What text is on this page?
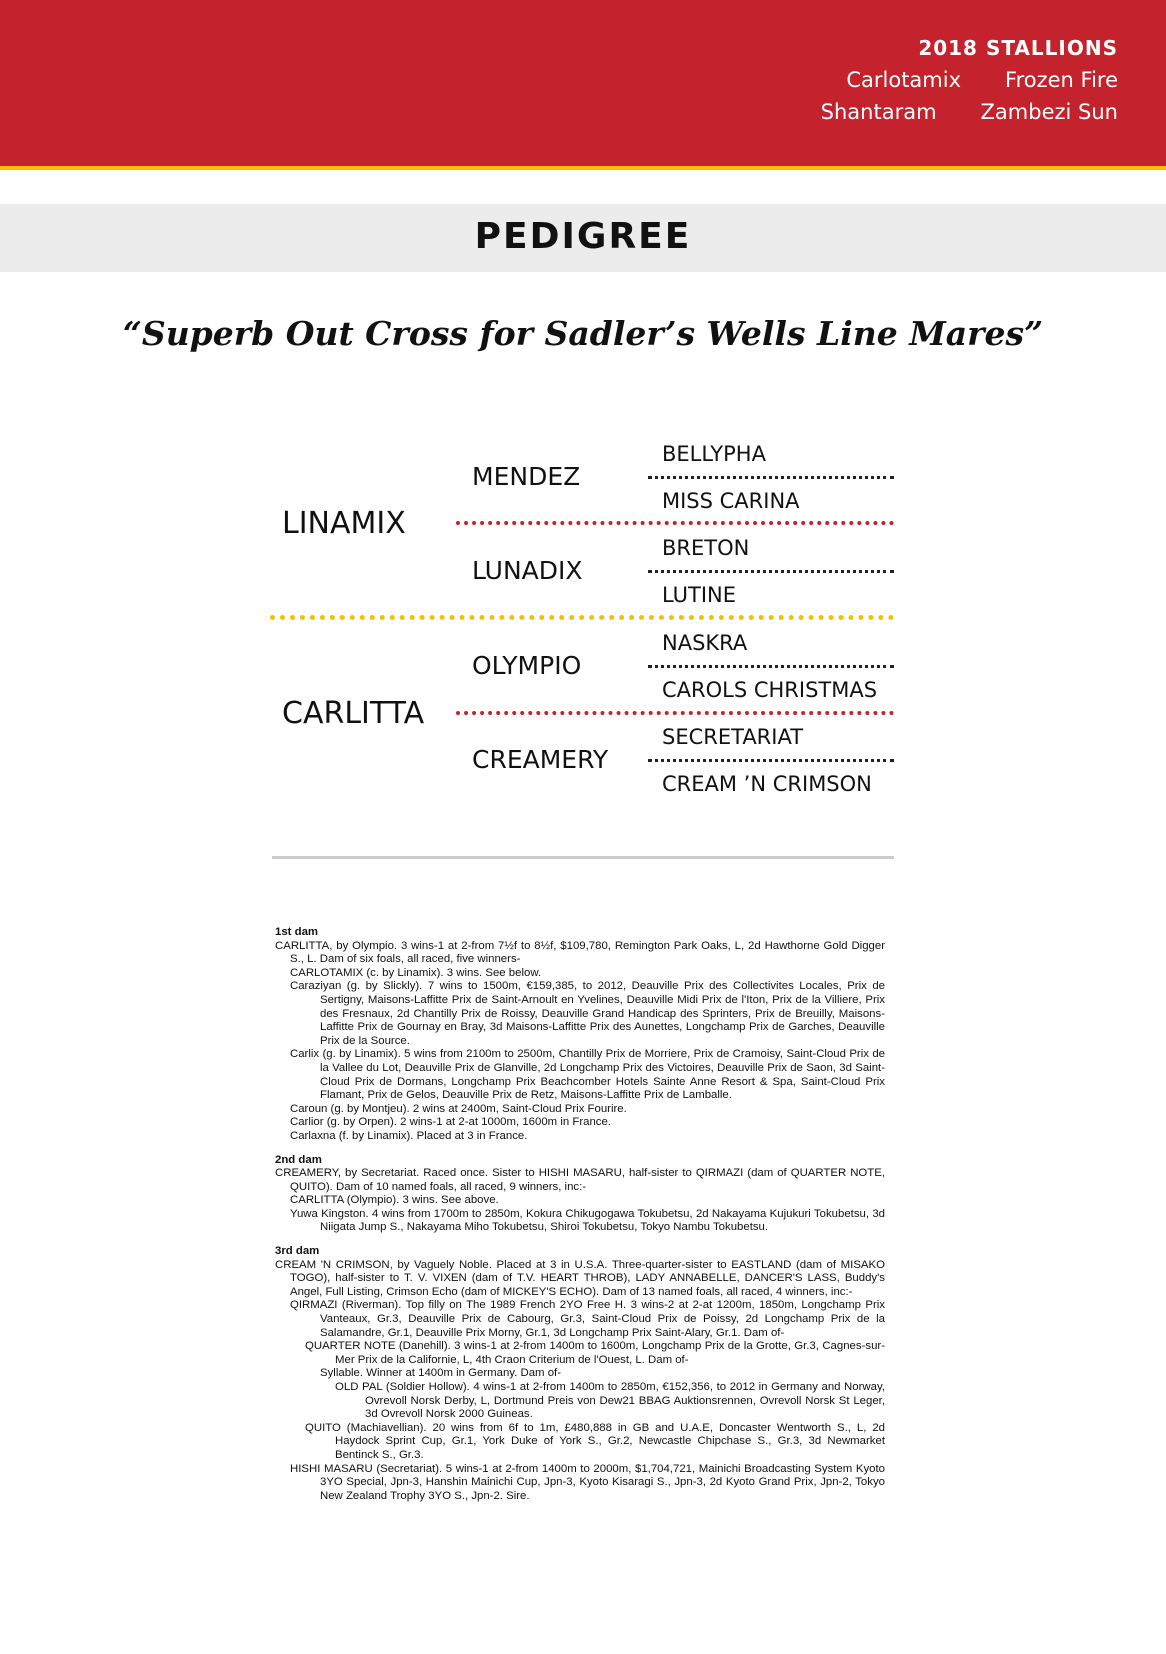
2018 STALLIONS
Carlotamix Frozen Fire
Shantaram Zambezi Sun
PEDIGREE
“Superb Out Cross for Sadler’s Wells Line Mares”
LINAMIX
CARLITTA
MENDEZ
LUNADIX
OLYMPIO
CREAMERY
BELLYPHA
MISS CARINA
BRETON
LUTINE
NASKRA
CAROLS CHRISTMAS
SECRETARIAT
CREAM ’N CRIMSON
1st dam

CARLITTA, by Olympio. 3 wins-1 at 2-from 7½f to 8½f, $109,780, Remington Park Oaks, L, 2d Hawthorne Gold Digger S., L. Dam of six foals, all raced, five winners-

CARLOTAMIX (c. by Linamix). 3 wins. See below.

Caraziyan (g. by Slickly). 7 wins to 1500m, €159,385, to 2012, Deauville Prix des Collectivites Locales, Prix de Sertigny, Maisons-Laffitte Prix de Saint-Arnoult en Yvelines, Deauville Midi Prix de l'Iton, Prix de la Villiere, Prix des Fresnaux, 2d Chantilly Prix de Roissy, Deauville Grand Handicap des Sprinters, Prix de Breuilly, Maisons-Laffitte Prix de Gournay en Bray, 3d Maisons-Laffitte Prix des Aunettes, Longchamp Prix de Garches, Deauville Prix de la Source.

Carlix (g. by Linamix). 5 wins from 2100m to 2500m, Chantilly Prix de Morriere, Prix de Cramoisy, Saint-Cloud Prix de la Vallee du Lot, Deauville Prix de Glanville, 2d Longchamp Prix des Victoires, Deauville Prix de Saon, 3d Saint-Cloud Prix de Dormans, Longchamp Prix Beachcomber Hotels Sainte Anne Resort & Spa, Saint-Cloud Prix Flamant, Prix de Gelos, Deauville Prix de Retz, Maisons-Laffitte Prix de Lamballe.

Caroun (g. by Montjeu). 2 wins at 2400m, Saint-Cloud Prix Fourire.

Carlior (g. by Orpen). 2 wins-1 at 2-at 1000m, 1600m in France.

Carlaxna (f. by Linamix). Placed at 3 in France.

2nd dam

CREAMERY, by Secretariat. Raced once. Sister to HISHI MASARU, half-sister to QIRMAZI (dam of QUARTER NOTE, QUITO). Dam of 10 named foals, all raced, 9 winners, inc:-

CARLITTA (Olympio). 3 wins. See above.

Yuwa Kingston. 4 wins from 1700m to 2850m, Kokura Chikugogawa Tokubetsu, 2d Nakayama Kujukuri Tokubetsu, 3d Niigata Jump S., Nakayama Miho Tokubetsu, Shiroi Tokubetsu, Tokyo Nambu Tokubetsu.

3rd dam

CREAM 'N CRIMSON, by Vaguely Noble. Placed at 3 in U.S.A. Three-quarter-sister to EASTLAND (dam of MISAKO TOGO), half-sister to T. V. VIXEN (dam of T.V. HEART THROB), LADY ANNABELLE, DANCER'S LASS, Buddy's Angel, Full Listing, Crimson Echo (dam of MICKEY'S ECHO). Dam of 13 named foals, all raced, 4 winners, inc:-

QIRMAZI (Riverman). Top filly on The 1989 French 2YO Free H. 3 wins-2 at 2-at 1200m, 1850m, Longchamp Prix Vanteaux, Gr.3, Deauville Prix de Cabourg, Gr.3, Saint-Cloud Prix de Poissy, 2d Longchamp Prix de la Salamandre, Gr.1, Deauville Prix Morny, Gr.1, 3d Longchamp Prix Saint-Alary, Gr.1. Dam of-

QUARTER NOTE (Danehill). 3 wins-1 at 2-from 1400m to 1600m, Longchamp Prix de la Grotte, Gr.3, Cagnes-sur-Mer Prix de la Californie, L, 4th Craon Criterium de l'Ouest, L. Dam of-

Syllable. Winner at 1400m in Germany. Dam of-

OLD PAL (Soldier Hollow). 4 wins-1 at 2-from 1400m to 2850m, €152,356, to 2012 in Germany and Norway, Ovrevoll Norsk Derby, L, Dortmund Preis von Dew21 BBAG Auktionsrennen, Ovrevoll Norsk St Leger, 3d Ovrevoll Norsk 2000 Guineas.

QUITO (Machiavellian). 20 wins from 6f to 1m, £480,888 in GB and U.A.E, Doncaster Wentworth S., L, 2d Haydock Sprint Cup, Gr.1, York Duke of York S., Gr.2, Newcastle Chipchase S., Gr.3, 3d Newmarket Bentinck S., Gr.3.

HISHI MASARU (Secretariat). 5 wins-1 at 2-from 1400m to 2000m, $1,704,721, Mainichi Broadcasting System Kyoto 3YO Special, Jpn-3, Hanshin Mainichi Cup, Jpn-3, Kyoto Kisaragi S., Jpn-3, 2d Kyoto Grand Prix, Jpn-2, Tokyo New Zealand Trophy 3YO S., Jpn-2. Sire.
